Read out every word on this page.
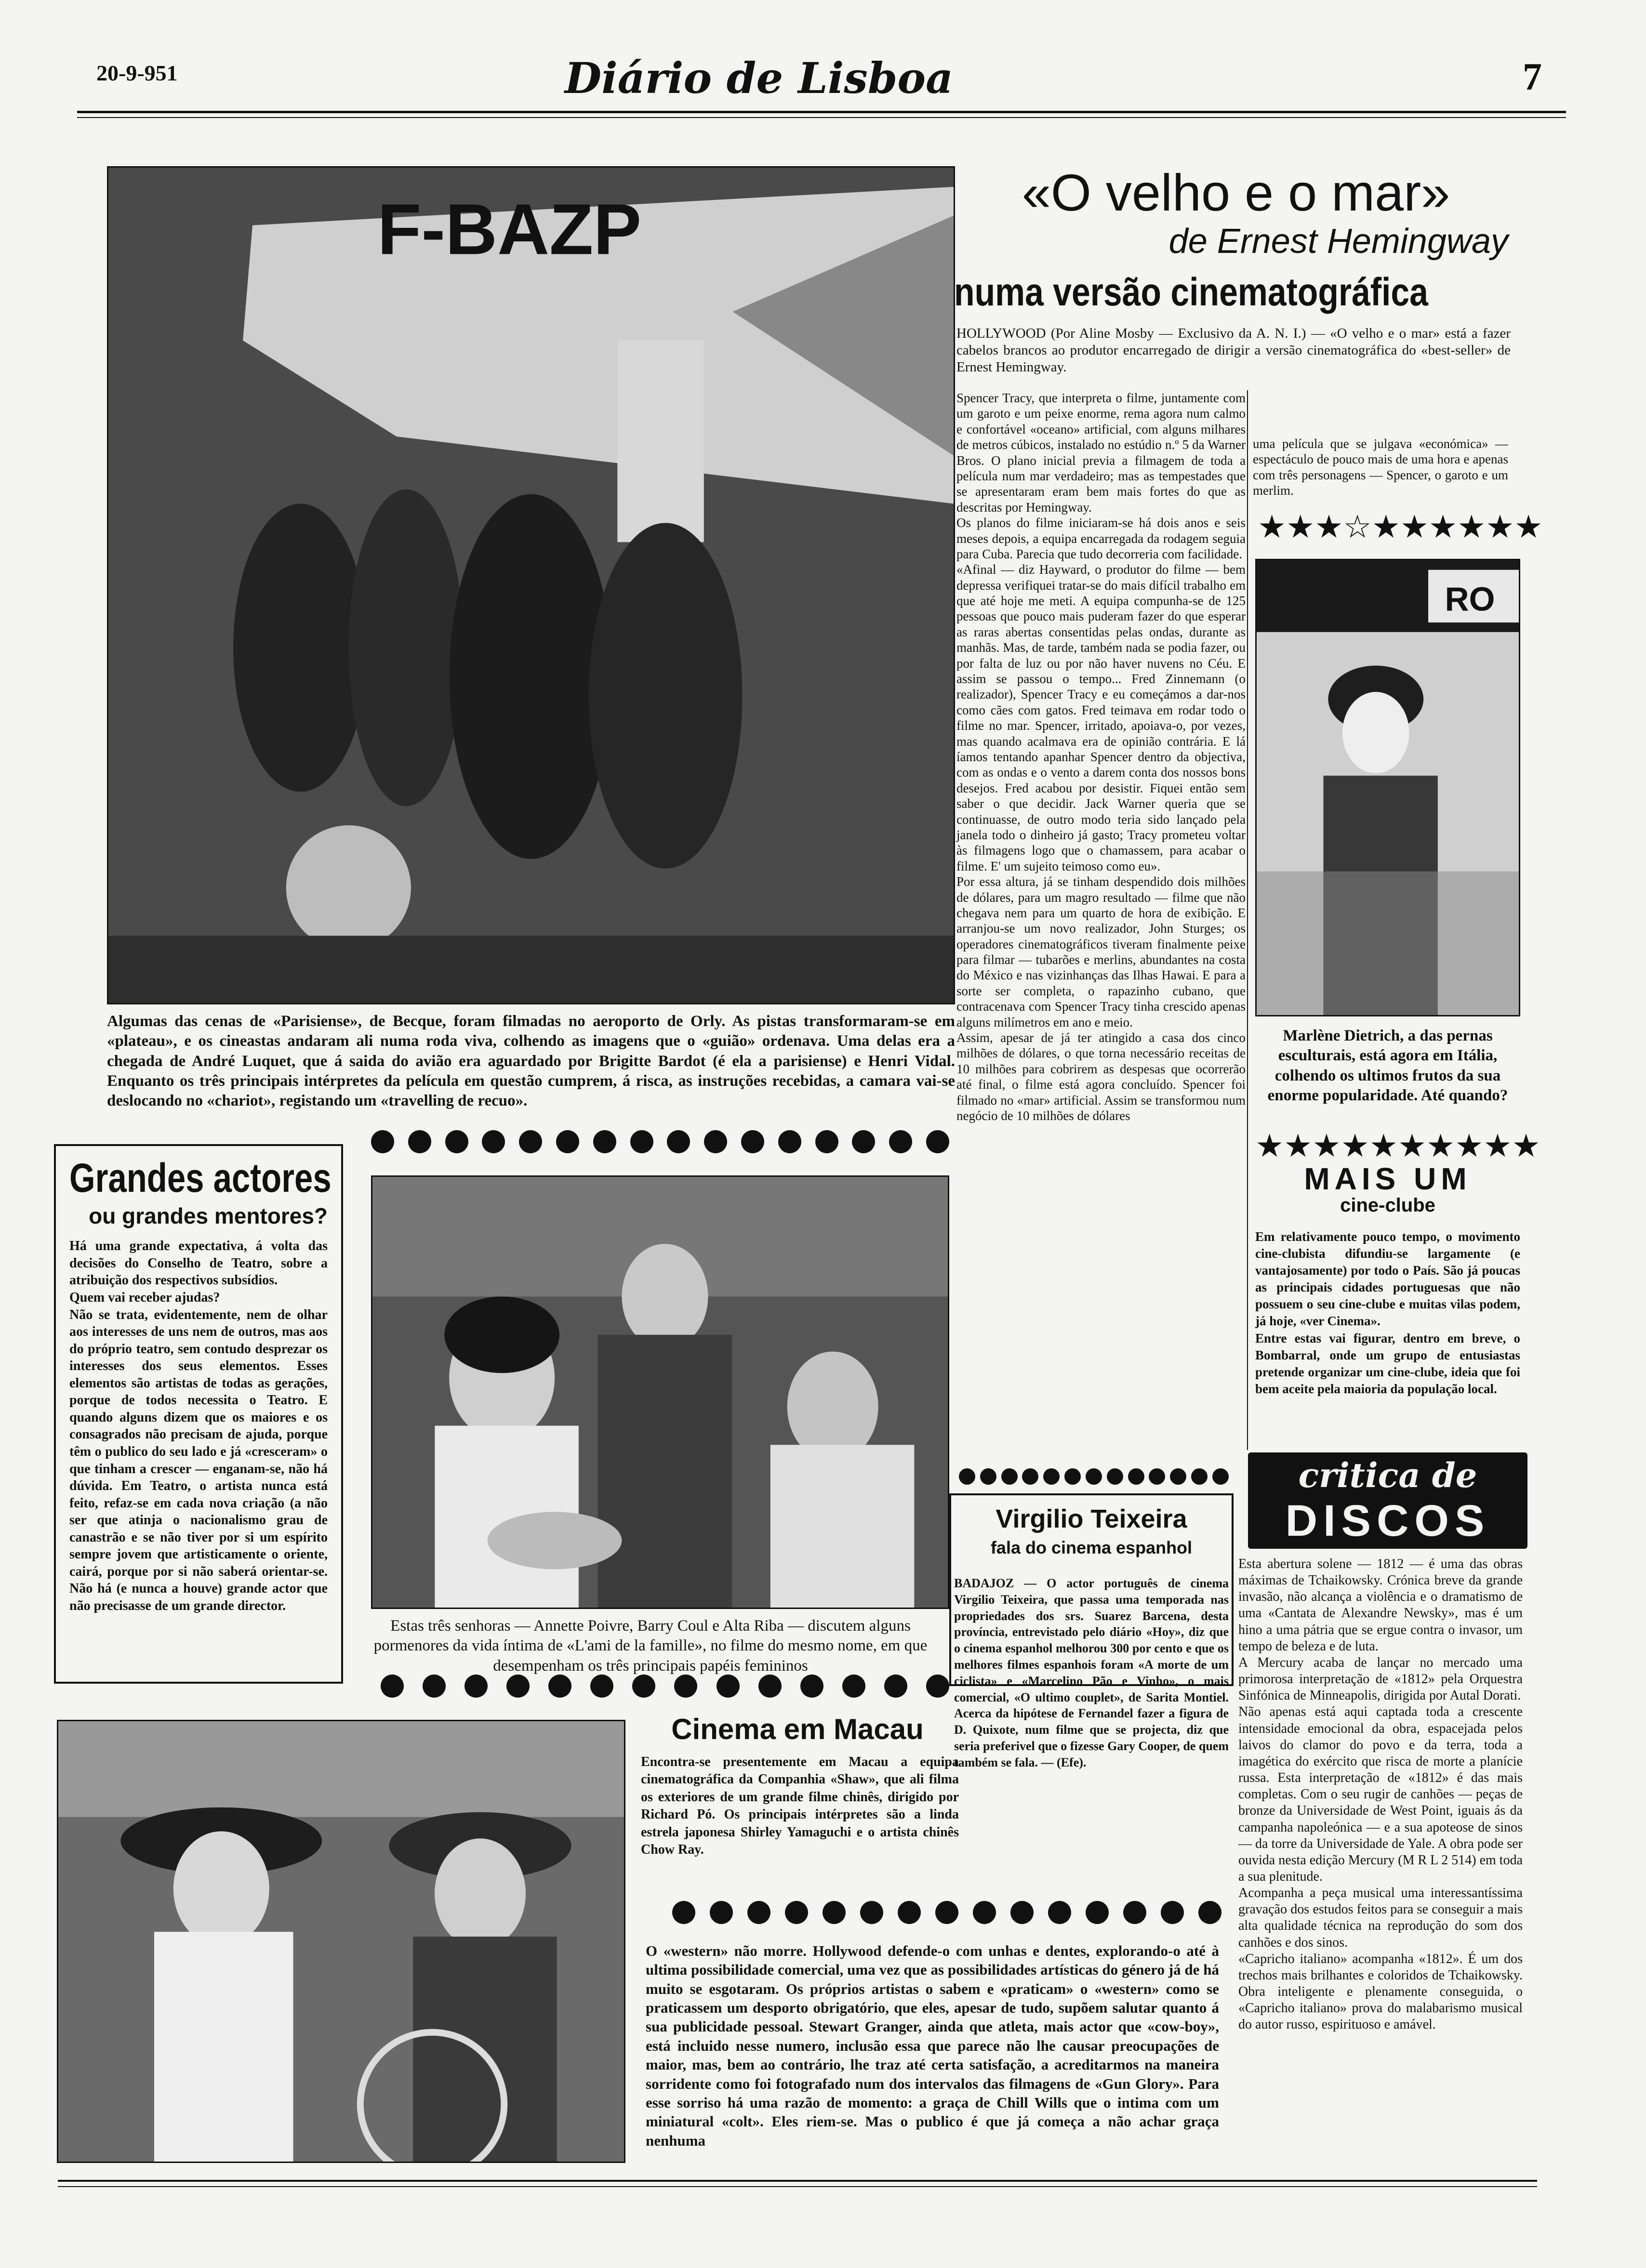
20-9-951	Diário de Lisboa	7
F-BAZP
Algumas das cenas de «Parisiense», de Becque, foram filmadas no aeroporto de Orly. As pistas transformaram-se em «plateau», e os cineastas andaram ali numa roda viva, colhendo as imagens que o «guião» ordenava. Uma delas era a chegada de André Luquet, que á saida do avião era aguardado por Brigitte Bardot (é ela a parisiense) e Henri Vidal. Enquanto os três principais intérpretes da película em questão cumprem, á risca, as instruções recebidas, a camara vai-se deslocando no «chariot», registando um «travelling de recuo».
Grandes actores
ou grandes mentores?
Há uma grande expectativa, á volta das decisões do Conselho de Teatro, sobre a atribuição dos respectivos subsídios.
Quem vai receber ajudas?
Não se trata, evidentemente, nem de olhar aos interesses de uns nem de outros, mas aos do próprio teatro, sem contudo desprezar os interesses dos seus elementos. Esses elementos são artistas de todas as gerações, porque de todos necessita o Teatro. E quando alguns dizem que os maiores e os consagrados não precisam de ajuda, porque têm o publico do seu lado e já «cresceram» o que tinham a crescer — enganam-se, não há dúvida. Em Teatro, o artista nunca está feito, refaz-se em cada nova criação (a não ser que atinja o nacionalismo grau de canastrão e se não tiver por si um espírito sempre jovem que artisticamente o oriente, cairá, porque por si não saberá orientar-se. Não há (e nunca a houve) grande actor que não precisasse de um grande director.
Estas três senhoras — Annette Poivre, Barry Coul e Alta Riba — discutem alguns pormenores da vida íntima de «L'ami de la famille», no filme do mesmo nome, em que desempenham os três principais papéis femininos
Cinema em Macau
Encontra-se presentemente em Macau a equipa cinematográfica da Companhia «Shaw», que ali filma os exteriores de um grande filme chinês, dirigido por Richard Pó. Os principais intérpretes são a linda estrela japonesa Shirley Yamaguchi e o artista chinês Chow Ray.
O «western» não morre. Hollywood defende-o com unhas e dentes, explorando-o até à ultima possibilidade comercial, uma vez que as possibilidades artísticas do género já de há muito se esgotaram. Os próprios artistas o sabem e «praticam» o «western» como se praticassem um desporto obrigatório, que eles, apesar de tudo, supõem salutar quanto á sua publicidade pessoal. Stewart Granger, ainda que atleta, mais actor que «cow-boy», está incluido nesse numero, inclusão essa que parece não lhe causar preocupações de maior, mas, bem ao contrário, lhe traz até certa satisfação, a acreditarmos na maneira sorridente como foi fotografado num dos intervalos das filmagens de «Gun Glory». Para esse sorriso há uma razão de momento: a graça de Chill Wills que o intima com um miniatural «colt». Eles riem-se. Mas o publico é que já começa a não achar graça nenhuma
«O velho e o mar»
de Ernest Hemingway
numa versão cinematográfica
HOLLYWOOD (Por Aline Mosby — Exclusivo da A. N. I.) — «O velho e o mar» está a fazer cabelos brancos ao produtor encarregado de dirigir a versão cinematográfica do «best-seller» de Ernest Hemingway.
Spencer Tracy, que interpreta o filme, juntamente com um garoto e um peixe enorme, rema agora num calmo e confortável «oceano» artificial, com alguns milhares de metros cúbicos, instalado no estúdio n.º 5 da Warner Bros. O plano inicial previa a filmagem de toda a película num mar verdadeiro; mas as tempestades que se apresentaram eram bem mais fortes do que as descritas por Hemingway.
Os planos do filme iniciaram-se há dois anos e seis meses depois, a equipa encarregada da rodagem seguia para Cuba. Parecia que tudo decorreria com facilidade.
«Afinal — diz Hayward, o produtor do filme — bem depressa verifiquei tratar-se do mais difícil trabalho em que até hoje me meti. A equipa compunha-se de 125 pessoas que pouco mais puderam fazer do que esperar as raras abertas consentidas pelas ondas, durante as manhãs. Mas, de tarde, também nada se podia fazer, ou por falta de luz ou por não haver nuvens no Céu. E assim se passou o tempo... Fred Zinnemann (o realizador), Spencer Tracy e eu começámos a dar-nos como cães com gatos. Fred teimava em rodar todo o filme no mar. Spencer, irritado, apoiava-o, por vezes, mas quando acalmava era de opinião contrária. E lá íamos tentando apanhar Spencer dentro da objectiva, com as ondas e o vento a darem conta dos nossos bons desejos. Fred acabou por desistir. Fiquei então sem saber o que decidir. Jack Warner queria que se continuasse, de outro modo teria sido lançado pela janela todo o dinheiro já gasto; Tracy prometeu voltar às filmagens logo que o chamassem, para acabar o filme. E' um sujeito teimoso como eu».
Por essa altura, já se tinham despendido dois milhões de dólares, para um magro resultado — filme que não chegava nem para um quarto de hora de exibição. E arranjou-se um novo realizador, John Sturges; os operadores cinematográficos tiveram finalmente peixe para filmar — tubarões e merlins, abundantes na costa do México e nas vizinhanças das Ilhas Hawai. E para a sorte ser completa, o rapazinho cubano, que contracenava com Spencer Tracy tinha crescido apenas alguns milímetros em ano e meio.
Assim, apesar de já ter atingido a casa dos cinco milhões de dólares, o que torna necessário receitas de 10 milhões para cobrirem as despesas que ocorrerão até final, o filme está agora concluído. Spencer foi filmado no «mar» artificial. Assim se transformou num negócio de 10 milhões de dólares
uma película que se julgava «económica» — espectáculo de pouco mais de uma hora e apenas com três personagens — Spencer, o garoto e um merlim.
★ ★ ★ ☆ ★ ★ ★ ★ ★ ★
RO
Marlène Dietrich, a das pernas esculturais, está agora em Itália, colhendo os ultimos frutos da sua enorme popularidade. Até quando?
★ ★ ★ ★ ★ ★ ★ ★ ★ ★
MAIS UM
cine-clube
Em relativamente pouco tempo, o movimento cine-clubista difundiu-se largamente (e vantajosamente) por todo o País. São já poucas as principais cidades portuguesas que não possuem o seu cine-clube e muitas vilas podem, já hoje, «ver Cinema».
Entre estas vai figurar, dentro em breve, o Bombarral, onde um grupo de entusiastas pretende organizar um cine-clube, ideia que foi bem aceite pela maioria da população local.
critica de
DISCOS
Esta abertura solene — 1812 — é uma das obras máximas de Tchaikowsky. Crónica breve da grande invasão, não alcança a violência e o dramatismo de uma «Cantata de Alexandre Newsky», mas é um hino a uma pátria que se ergue contra o invasor, um tempo de beleza e de luta.
A Mercury acaba de lançar no mercado uma primorosa interpretação de «1812» pela Orquestra Sinfónica de Minneapolis, dirigida por Autal Dorati.
Não apenas está aqui captada toda a crescente intensidade emocional da obra, espacejada pelos laivos do clamor do povo e da terra, toda a imagética do exército que risca de morte a planície russa. Esta interpretação de «1812» é das mais completas. Com o seu rugir de canhões — peças de bronze da Universidade de West Point, iguais ás da campanha napoleónica — e a sua apoteose de sinos — da torre da Universidade de Yale. A obra pode ser ouvida nesta edição Mercury (M R L 2 514) em toda a sua plenitude.
Acompanha a peça musical uma interessantíssima gravação dos estudos feitos para se conseguir a mais alta qualidade técnica na reprodução do som dos canhões e dos sinos.
«Capricho italiano» acompanha «1812». É um dos trechos mais brilhantes e coloridos de Tchaikowsky. Obra inteligente e plenamente conseguida, o «Capricho italiano» prova do malabarismo musical do autor russo, espirituoso e amável.
Virgilio Teixeira
fala do cinema espanhol
BADAJOZ — O actor português de cinema Virgilio Teixeira, que passa uma temporada nas propriedades dos srs. Suarez Barcena, desta província, entrevistado pelo diário «Hoy», diz que o cinema espanhol melhorou 300 por cento e que os melhores filmes espanhois foram «A morte de um ciclista» e «Marcelino Pão e Vinho», o mais comercial, «O ultimo couplet», de Sarita Montiel. Acerca da hipótese de Fernandel fazer a figura de D. Quixote, num filme que se projecta, diz que seria preferivel que o fizesse Gary Cooper, de quem também se fala. — (Efe).
